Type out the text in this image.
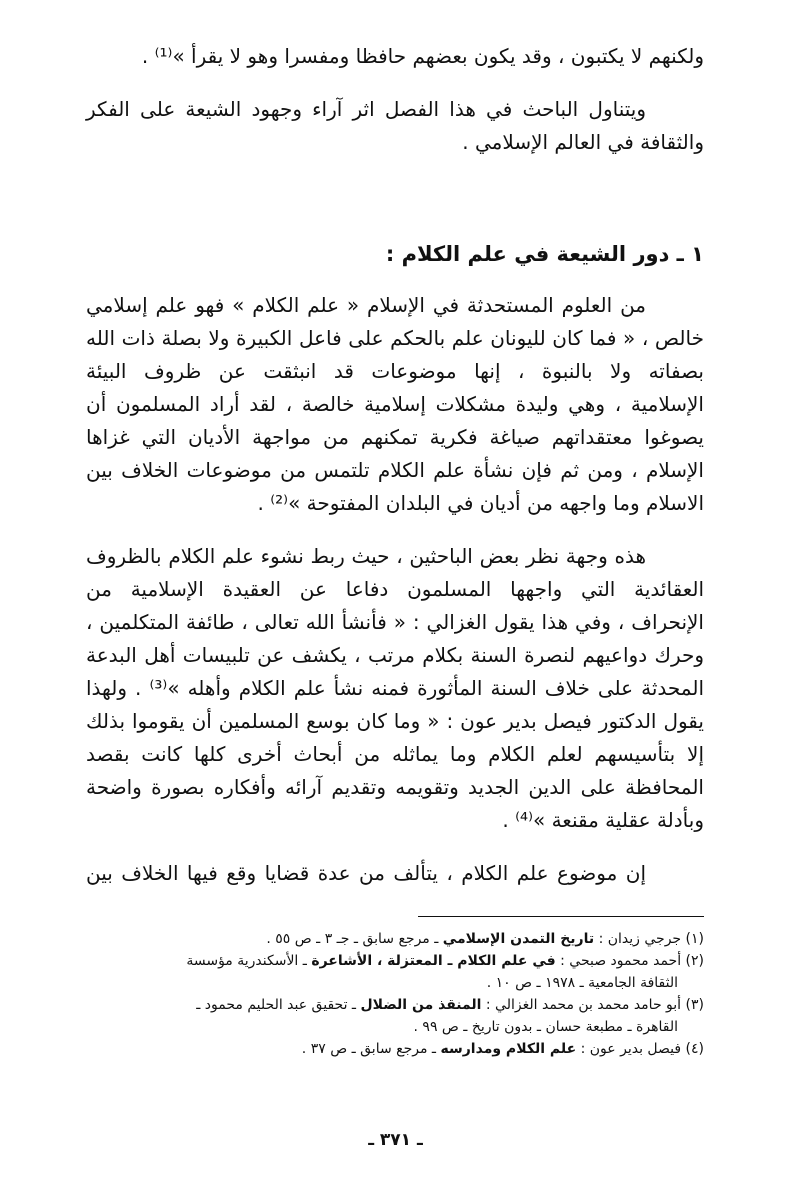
ولكنهم لا يكتبون ، وقد يكون بعضهم حافظا ومفسرا وهو لا يقرأ »⁽¹⁾ .
ويتناول الباحث في هذا الفصل اثر آراء وجهود الشيعة على الفكر
والثقافة في العالم الإسلامي .
١ ـ دور الشيعة في علم الكلام :
من العلوم المستحدثة في الإسلام « علم الكلام » فهو علم إسلامي
خالص ، « فما كان لليونان علم بالحكم على فاعل الكبيرة ولا بصلة ذات الله
بصفاته ولا بالنبوة ، إنها موضوعات قد انبثقت عن ظروف البيئة
الإسلامية ، وهي وليدة مشكلات إسلامية خالصة ، لقد أراد المسلمون أن
يصوغوا معتقداتهم صياغة فكرية تمكنهم من مواجهة الأديان التي غزاها
الإسلام ، ومن ثم فإن نشأة علم الكلام تلتمس من موضوعات الخلاف بين
الاسلام وما واجهه من أديان في البلدان المفتوحة »⁽²⁾ .
هذه وجهة نظر بعض الباحثين ، حيث ربط نشوء علم الكلام بالظروف
العقائدية التي واجهها المسلمون دفاعا عن العقيدة الإسلامية من
الإنحراف ، وفي هذا يقول الغزالي : « فأنشأ الله تعالى ، طائفة المتكلمين ،
وحرك دواعيهم لنصرة السنة بكلام مرتب ، يكشف عن تلبيسات أهل البدعة
المحدثة على خلاف السنة المأثورة فمنه نشأ علم الكلام وأهله »⁽³⁾ . ولهذا
يقول الدكتور فيصل بدير عون : « وما كان بوسع المسلمين أن يقوموا بذلك
إلا بتأسيسهم لعلم الكلام وما يماثله من أبحاث أخرى كلها كانت بقصد
المحافظة على الدين الجديد وتقويمه وتقديم آرائه وأفكاره بصورة واضحة
وبأدلة عقلية مقنعة »⁽⁴⁾ .
إن موضوع علم الكلام ، يتألف من عدة قضايا وقع فيها الخلاف بين
(١) جرجي زيدان : تاريخ التمدن الإسلامي ـ مرجع سابق ـ جـ ٣ ـ ص ٥٥ .
(٢) أحمد محمود صبحي : في علم الكلام ـ المعتزلة ، الأشاعرة ـ الأسكندرية مؤسسة
الثقافة الجامعية ـ ١٩٧٨ ـ ص ١٠ .
(٣) أبو حامد محمد بن محمد الغزالي : المنقذ من الضلال ـ تحقيق عبد الحليم محمود ـ
القاهرة ـ مطبعة حسان ـ بدون تاريخ ـ ص ٩٩ .
(٤) فيصل بدير عون : علم الكلام ومدارسه ـ مرجع سابق ـ ص ٣٧ .
ـ ٣٧١ ـ
